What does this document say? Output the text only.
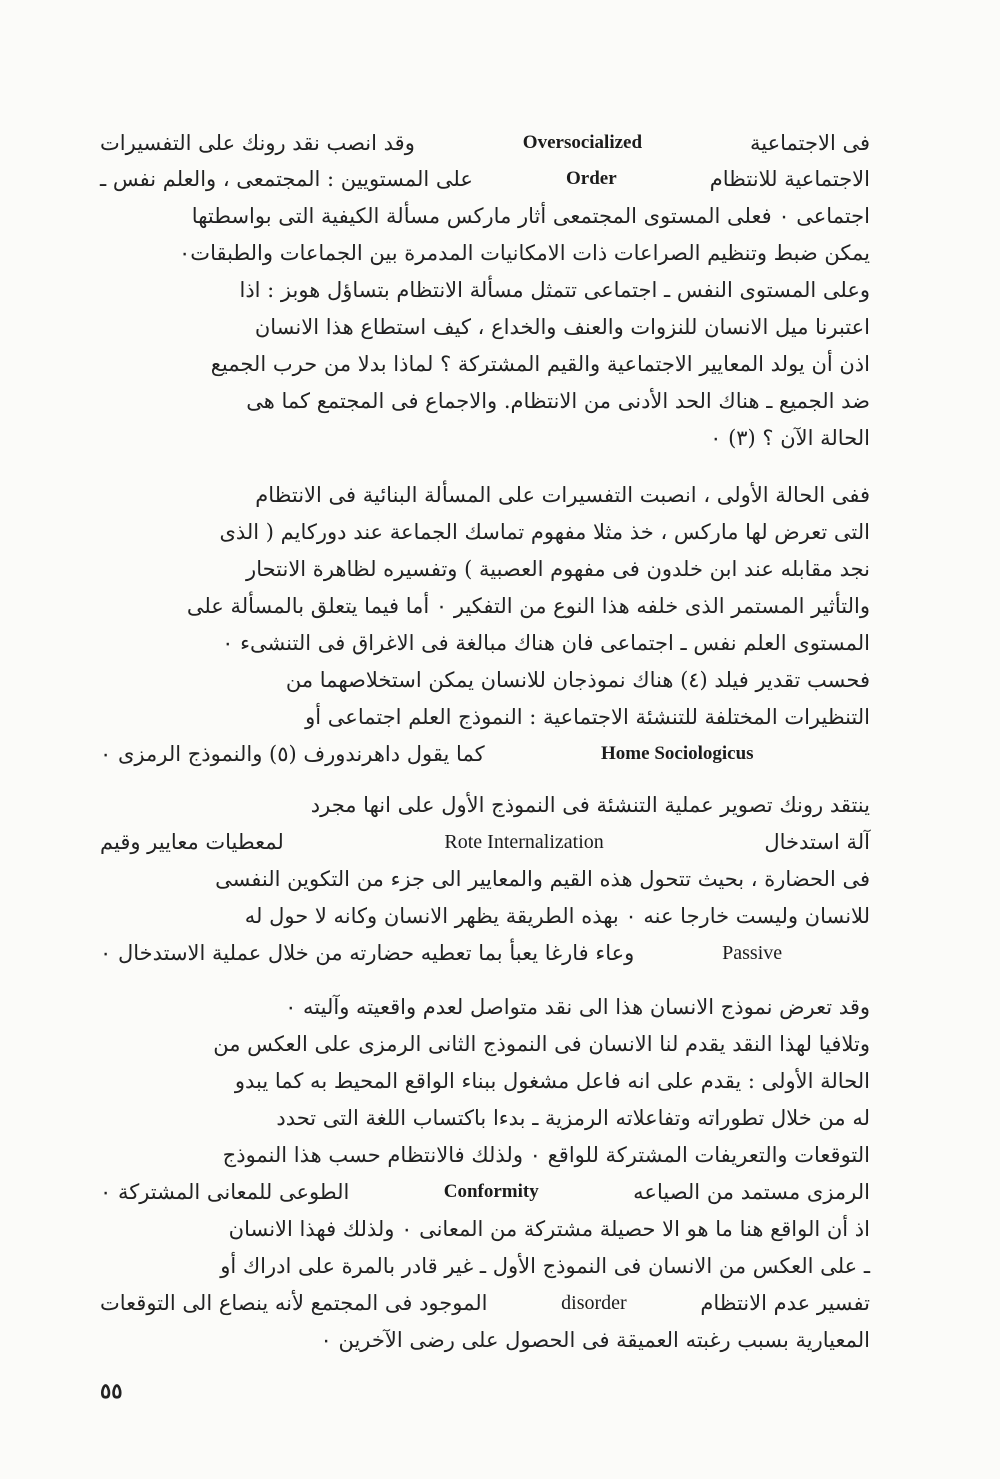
٥٥
وقد انصب نقد رونك على التفسيرات	Oversocialized	فى الاجتماعية
على المستويين : المجتمعى ، والعلم نفس ـ	Order	الاجتماعية للانتظام
اجتماعى ٠ فعلى المستوى المجتمعى أثار ماركس مسألة الكيفية التى بواسطتها
يمكن ضبط وتنظيم الصراعات ذات الامكانيات المدمرة بين الجماعات والطبقات٠
وعلى المستوى النفس ـ اجتماعى تتمثل مسألة الانتظام بتساؤل هوبز : اذا
اعتبرنا ميل الانسان للنزوات والعنف والخداع ، كيف استطاع هذا الانسان
اذن أن يولد المعايير الاجتماعية والقيم المشتركة ؟ لماذا بدلا من حرب الجميع
ضد الجميع ـ هناك الحد الأدنى من الانتظام. والاجماع فى المجتمع كما هى
الحالة الآن ؟ (٣) ٠
ففى الحالة الأولى ، انصبت التفسيرات على المسألة البنائية فى الانتظام
التى تعرض لها ماركس ، خذ مثلا مفهوم تماسك الجماعة عند دوركايم ( الذى
نجد مقابله عند ابن خلدون فى مفهوم العصبية ) وتفسيره لظاهرة الانتحار
والتأثير المستمر الذى خلفه هذا النوع من التفكير ٠ أما فيما يتعلق بالمسألة على
المستوى العلم نفس ـ اجتماعى فان هناك مبالغة فى الاغراق فى التنشىء ٠
فحسب تقدير فيلد (٤) هناك نموذجان للانسان يمكن استخلاصهما من
التنظيرات المختلفة للتنشئة الاجتماعية : النموذج العلم اجتماعى أو
كما يقول داهرندورف (٥) والنموذج الرمزى ٠	Home Sociologicus
ينتقد رونك تصوير عملية التنشئة فى النموذج الأول على انها مجرد
لمعطيات معايير وقيم	Rote Internalization	آلة استدخال
فى الحضارة ، بحيث تتحول هذه القيم والمعايير الى جزء من التكوين النفسى
للانسان وليست خارجا عنه ٠ بهذه الطريقة يظهر الانسان وكانه لا حول له
وعاء فارغا يعبأ بما تعطيه حضارته من خلال عملية الاستدخال ٠	Passive
وقد تعرض نموذج الانسان هذا الى نقد متواصل لعدم واقعيته وآليته ٠
وتلافيا لهذا النقد يقدم لنا الانسان فى النموذج الثانى الرمزى على العكس من
الحالة الأولى : يقدم على انه فاعل مشغول ببناء الواقع المحيط به كما يبدو
له من خلال تطوراته وتفاعلاته الرمزية ـ بدءا باكتساب اللغة التى تحدد
التوقعات والتعريفات المشتركة للواقع ٠ ولذلك فالانتظام حسب هذا النموذج
الطوعى للمعانى المشتركة ٠	Conformity	الرمزى مستمد من الصياعه
اذ أن الواقع هنا ما هو الا حصيلة مشتركة من المعانى ٠ ولذلك فهذا الانسان
ـ على العكس من الانسان فى النموذج الأول ـ غير قادر بالمرة على ادراك أو
الموجود فى المجتمع لأنه ينصاع الى التوقعات	disorder	تفسير عدم الانتظام
المعيارية بسبب رغبته العميقة فى الحصول على رضى الآخرين ٠
